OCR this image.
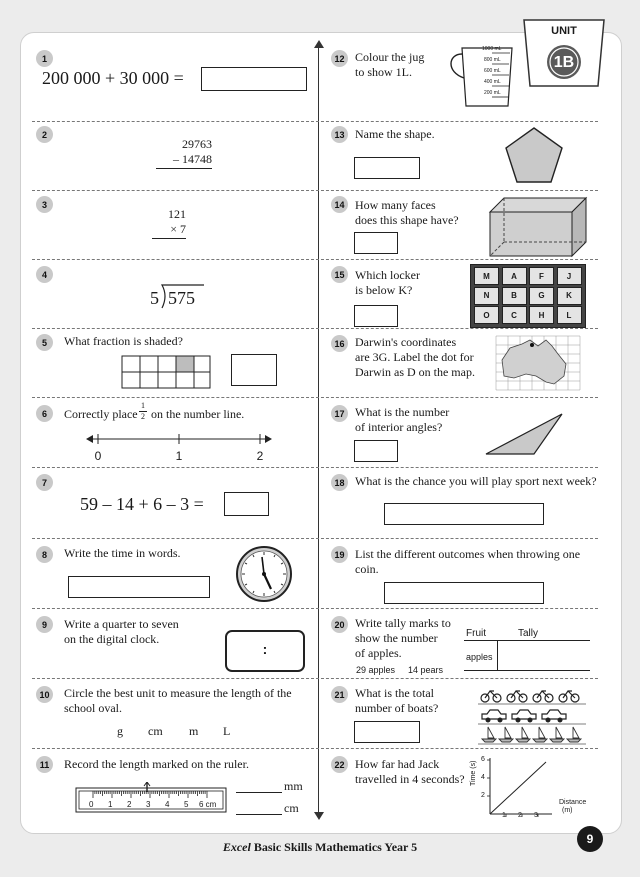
UNIT
1B
1
200 000 + 30 000 =
2
29763
– 14748
3
121
× 7
4
5 575
5	What fraction is shaded?
6	Correctly place
1
2 on the number line.
0	1	2
7
59 – 14 + 6 – 3 =
8	Write the time in words.
9	Write a quarter to seven
on the digital clock.
:
10 Circle the best unit to measure the length of the
school oval.
g cm m L
11	Record the length marked on the ruler.
0 1 2 3 4 5 6 cm
mm
cm
12 Colour the jug
to show 1L.
1000 mL
800 mL
600 mL
400 mL
200 mL
13 Name the shape.
14 How many faces
does this shape have?
15 Which locker
is below K?
M	A	F	J
N	B	G	K
O	C	H	L
16 Darwin's coordinates
are 3G. Label the dot for
Darwin as D on the map.
17 What is the number
of interior angles?
18 What is the chance you will play sport next week?
19 List the different outcomes when throwing one
coin.
20 Write tally marks to
show the number
of apples.
29 apples 14 pears
Fruit	Tally
apples
21 What is the total
number of boats?
22 How far had Jack
travelled in 4 seconds?
1 2 3
2
4
6
Time (s)
Distance
(m)
Excel Basic Skills Mathematics Year 5
9
